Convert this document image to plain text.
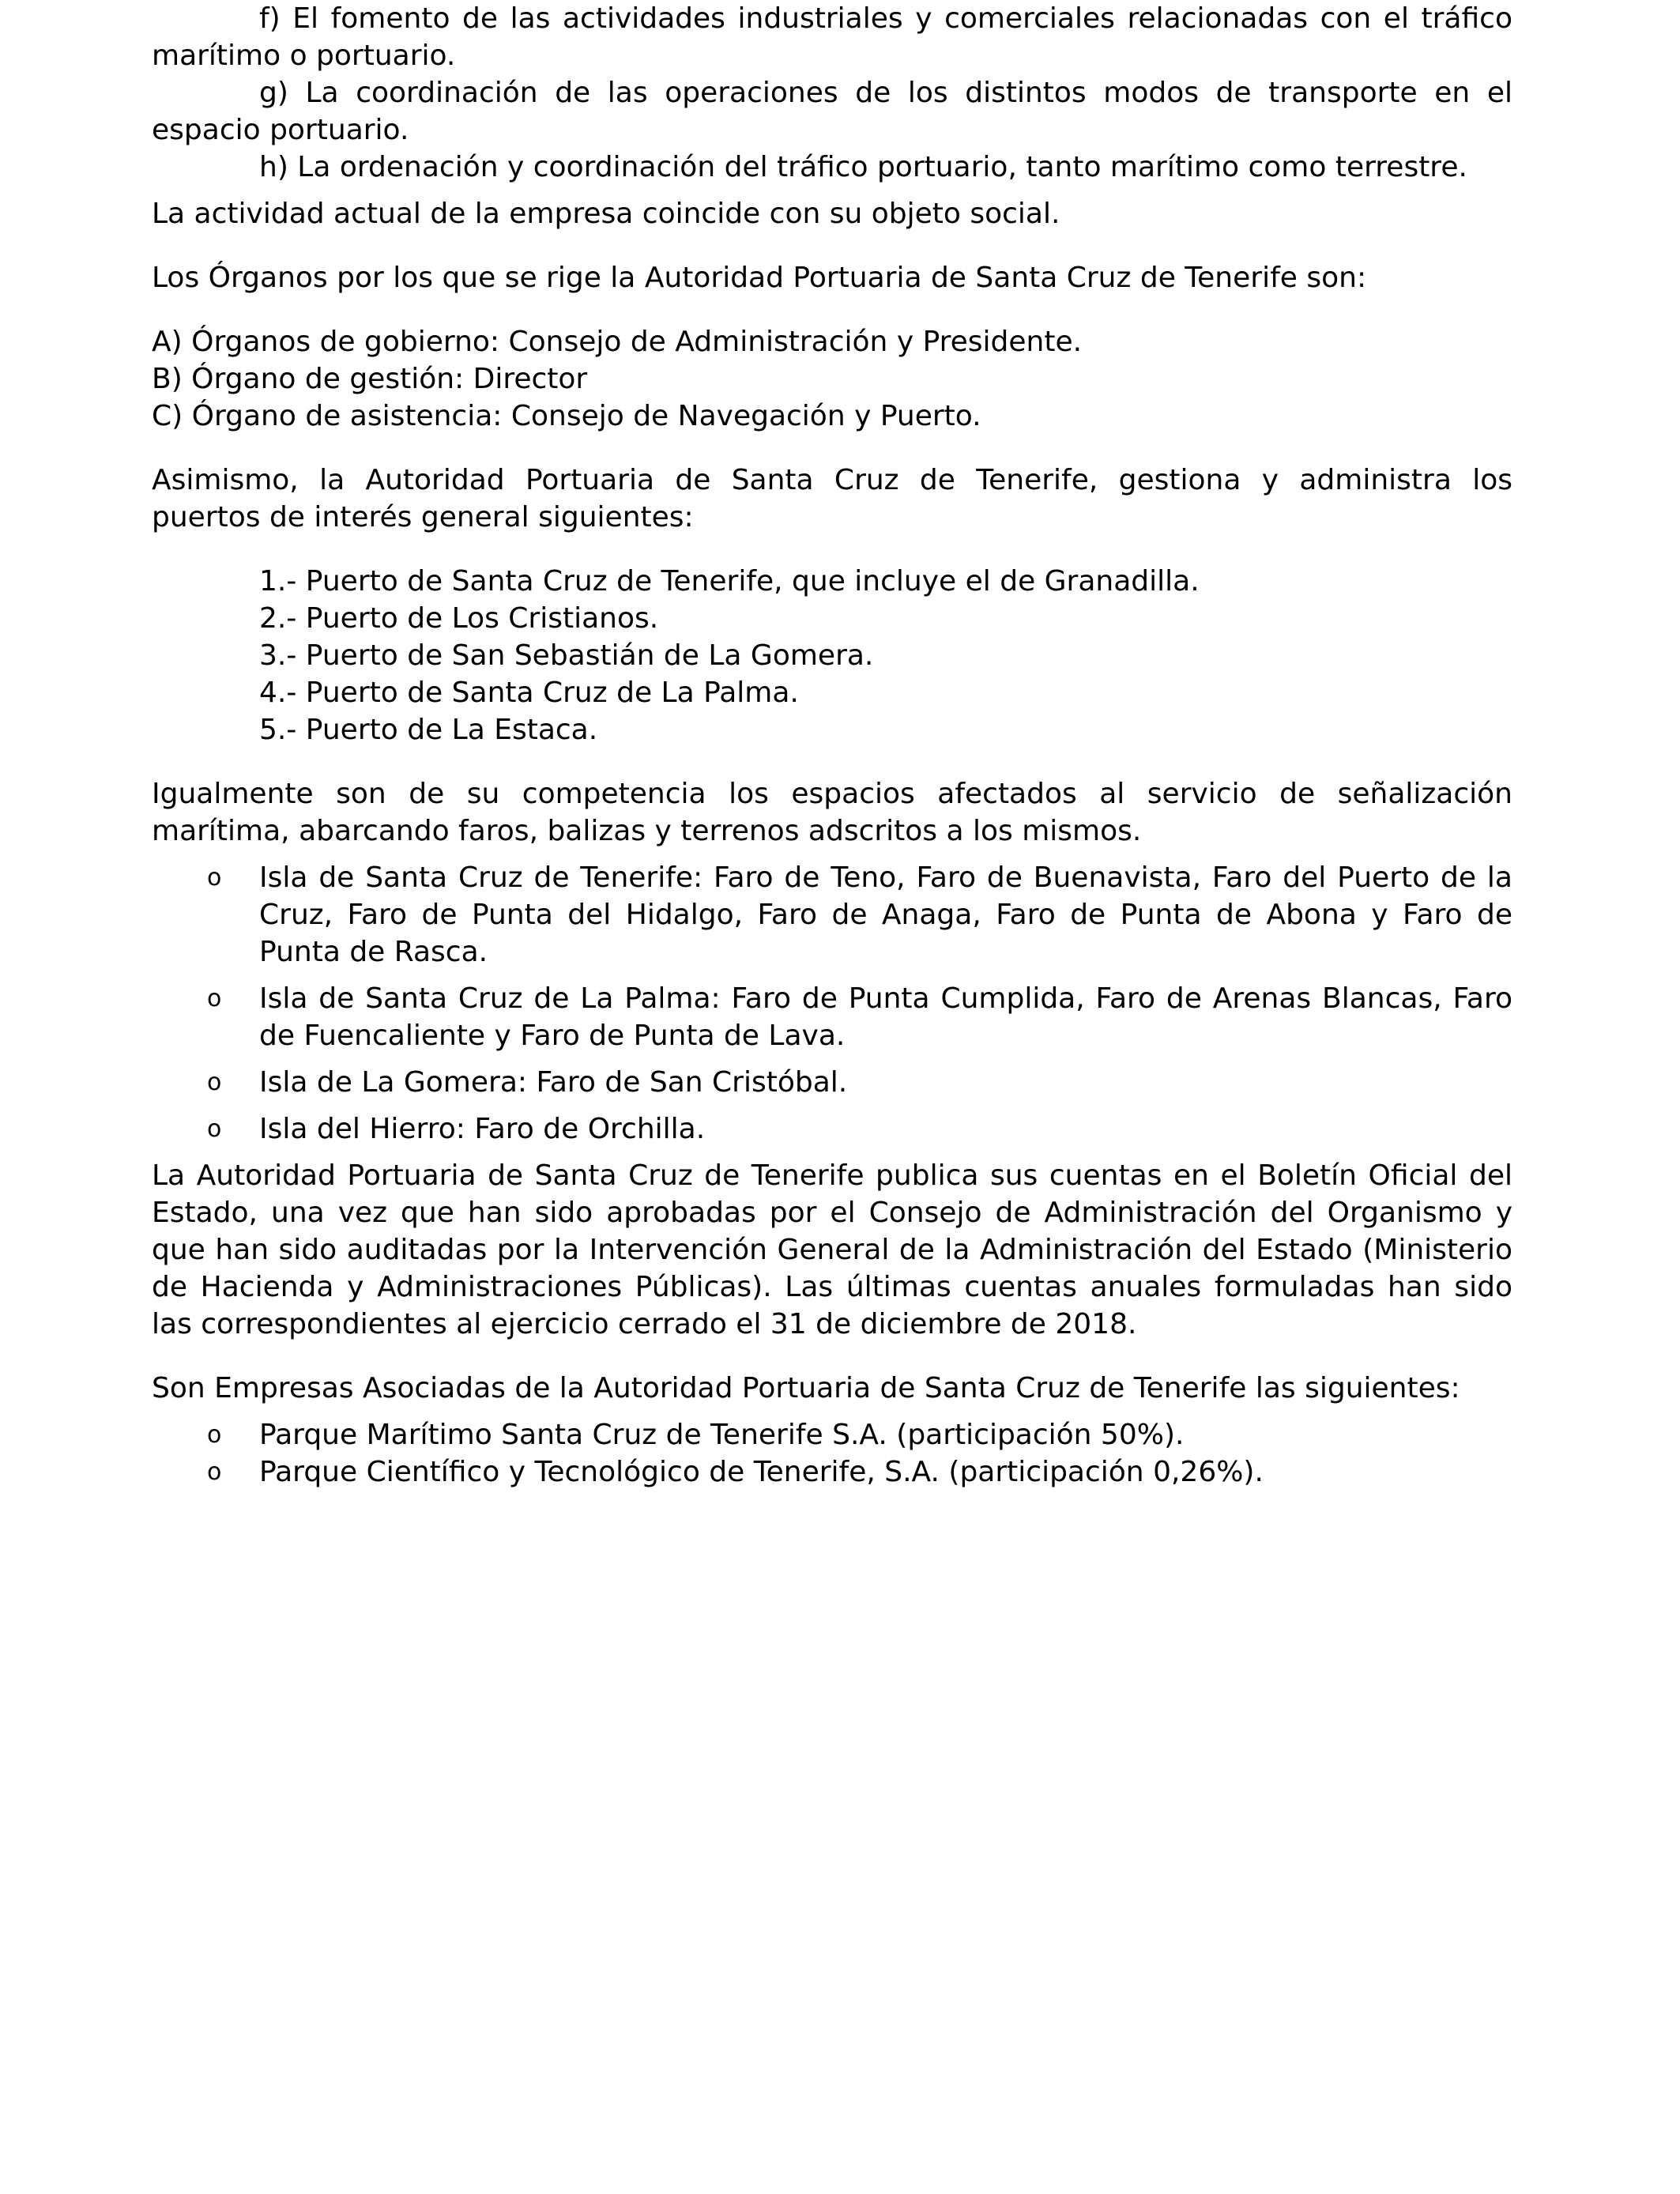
f) El fomento de las actividades industriales y comerciales relacionadas con el tráfico

marítimo o portuario.

g) La coordinación de las operaciones de los distintos modos de transporte en el

espacio portuario.

h) La ordenación y coordinación del tráfico portuario, tanto marítimo como terrestre.

La actividad actual de la empresa coincide con su objeto social.

Los Órganos por los que se rige la Autoridad Portuaria de Santa Cruz de Tenerife son:

A) Órganos de gobierno: Consejo de Administración y Presidente.

B) Órgano de gestión: Director

C) Órgano de asistencia: Consejo de Navegación y Puerto.

Asimismo, la Autoridad Portuaria de Santa Cruz de Tenerife, gestiona y administra los

puertos de interés general siguientes:

1.- Puerto de Santa Cruz de Tenerife, que incluye el de Granadilla.

2.- Puerto de Los Cristianos.

3.- Puerto de San Sebastián de La Gomera.

4.- Puerto de Santa Cruz de La Palma.

5.- Puerto de La Estaca.

Igualmente son de su competencia los espacios afectados al servicio de señalización

marítima, abarcando faros, balizas y terrenos adscritos a los mismos.

o Isla de Santa Cruz de Tenerife: Faro de Teno, Faro de Buenavista, Faro del Puerto de la Cruz, Faro de Punta del Hidalgo, Faro de Anaga, Faro de Punta de Abona y Faro de Punta de Rasca.

o Isla de Santa Cruz de La Palma: Faro de Punta Cumplida, Faro de Arenas Blancas, Faro de Fuencaliente y Faro de Punta de Lava.

o Isla de La Gomera: Faro de San Cristóbal.

o Isla del Hierro: Faro de Orchilla.

La Autoridad Portuaria de Santa Cruz de Tenerife publica sus cuentas en el Boletín Oficial del Estado, una vez que han sido aprobadas por el Consejo de Administración del Organismo y que han sido auditadas por la Intervención General de la Administración del Estado (Ministerio de Hacienda y Administraciones Públicas). Las últimas cuentas anuales formuladas han sido las correspondientes al ejercicio cerrado el 31 de diciembre de 2018.

Son Empresas Asociadas de la Autoridad Portuaria de Santa Cruz de Tenerife las siguientes:

o Parque Marítimo Santa Cruz de Tenerife S.A. (participación 50%).

o Parque Científico y Tecnológico de Tenerife, S.A. (participación 0,26%).
